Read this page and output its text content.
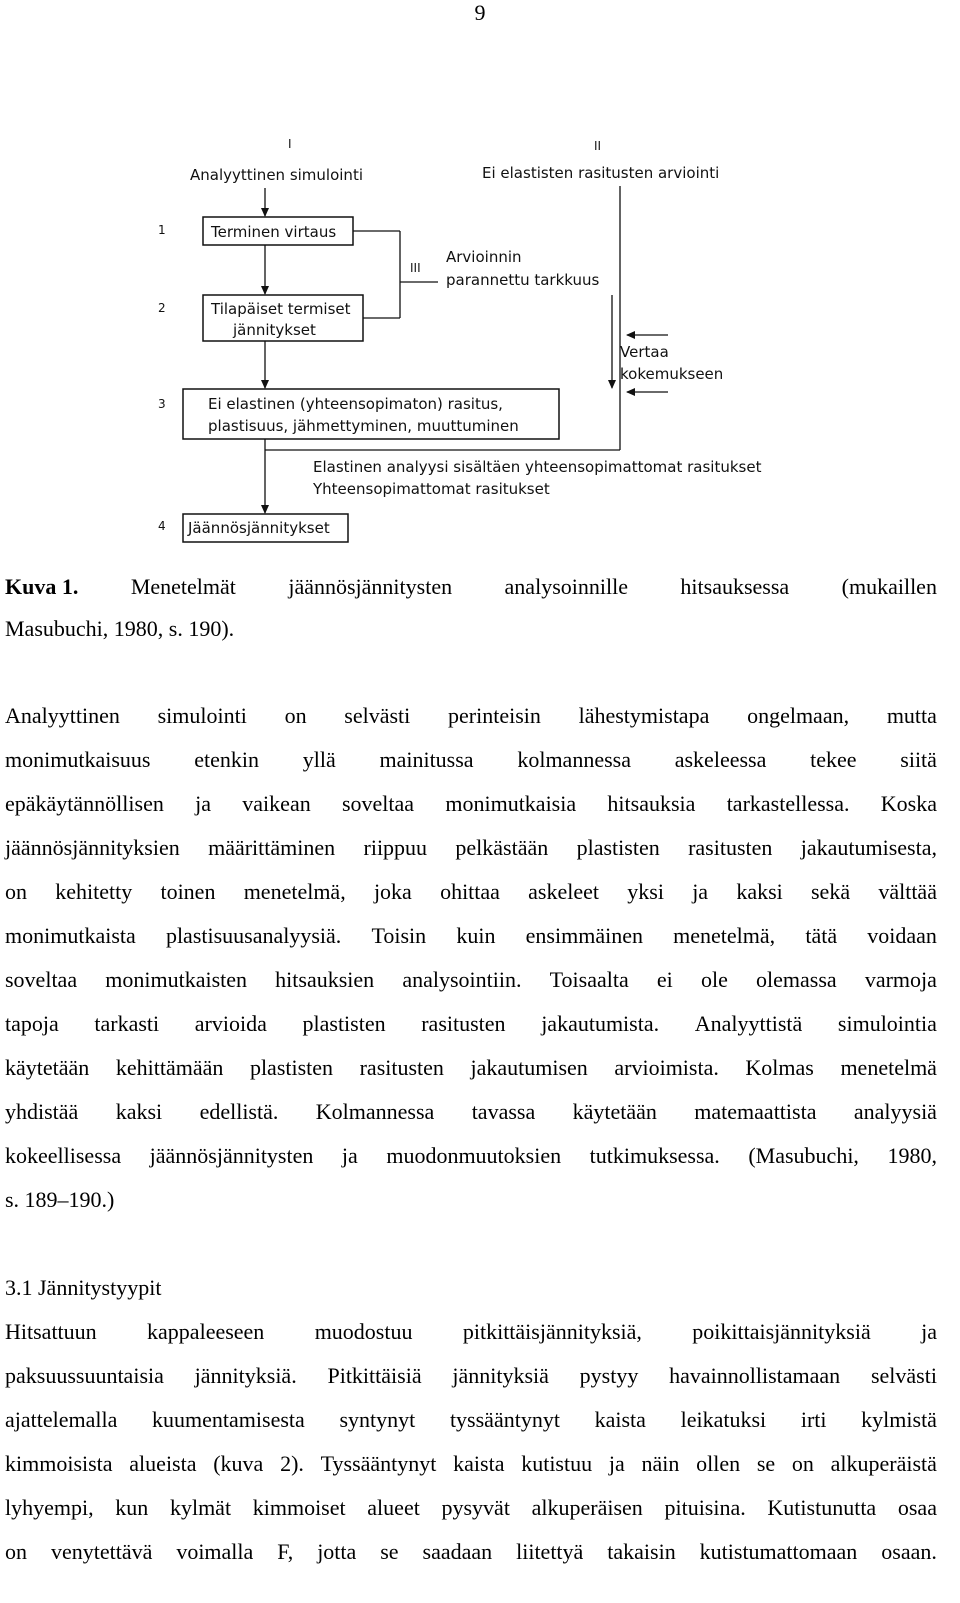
9
I	II
III
Analyyttinen simulointi	Ei elastisten rasitusten arviointi
1
2
3
4
Terminen virtaus
Tilapäiset termiset
jännitykset
Ei elastinen (yhteensopimaton) rasitus,
plastisuus, jähmettyminen, muuttuminen
Jäännösjännitykset
Arvioinnin
parannettu tarkkuus
Vertaa
kokemukseen
Elastinen analyysi sisältäen yhteensopimattomat rasitukset
Yhteensopimattomat rasitukset
Kuva 1. Menetelmät jäännösjännitysten analysoinnille hitsauksessa (mukaillen
Masubuchi, 1980, s. 190).
Analyyttinen simulointi on selvästi perinteisin lähestymistapa ongelmaan, mutta
monimutkaisuus etenkin yllä mainitussa kolmannessa askeleessa tekee siitä
epäkäytännöllisen ja vaikean soveltaa monimutkaisia hitsauksia tarkastellessa. Koska
jäännösjännityksien määrittäminen riippuu pelkästään plastisten rasitusten jakautumisesta,
on kehitetty toinen menetelmä, joka ohittaa askeleet yksi ja kaksi sekä välttää
monimutkaista plastisuusanalyysiä. Toisin kuin ensimmäinen menetelmä, tätä voidaan
soveltaa monimutkaisten hitsauksien analysointiin. Toisaalta ei ole olemassa varmoja
tapoja tarkasti arvioida plastisten rasitusten jakautumista. Analyyttistä simulointia
käytetään kehittämään plastisten rasitusten jakautumisen arvioimista. Kolmas menetelmä
yhdistää kaksi edellistä. Kolmannessa tavassa käytetään matemaattista analyysiä
kokeellisessa jäännösjännitysten ja muodonmuutoksien tutkimuksessa. (Masubuchi, 1980,
s. 189–190.)
3.1 Jännitystyypit
Hitsattuun kappaleeseen muodostuu pitkittäisjännityksiä, poikittaisjännityksiä ja
paksuussuuntaisia jännityksiä. Pitkittäisiä jännityksiä pystyy havainnollistamaan selvästi
ajattelemalla kuumentamisesta syntynyt tyssääntynyt kaista leikatuksi irti kylmistä
kimmoisista alueista (kuva 2). Tyssääntynyt kaista kutistuu ja näin ollen se on alkuperäistä
lyhyempi, kun kylmät kimmoiset alueet pysyvät alkuperäisen pituisina. Kutistunutta osaa
on venytettävä voimalla F, jotta se saadaan liitettyä takaisin kutistumattomaan osaan.
